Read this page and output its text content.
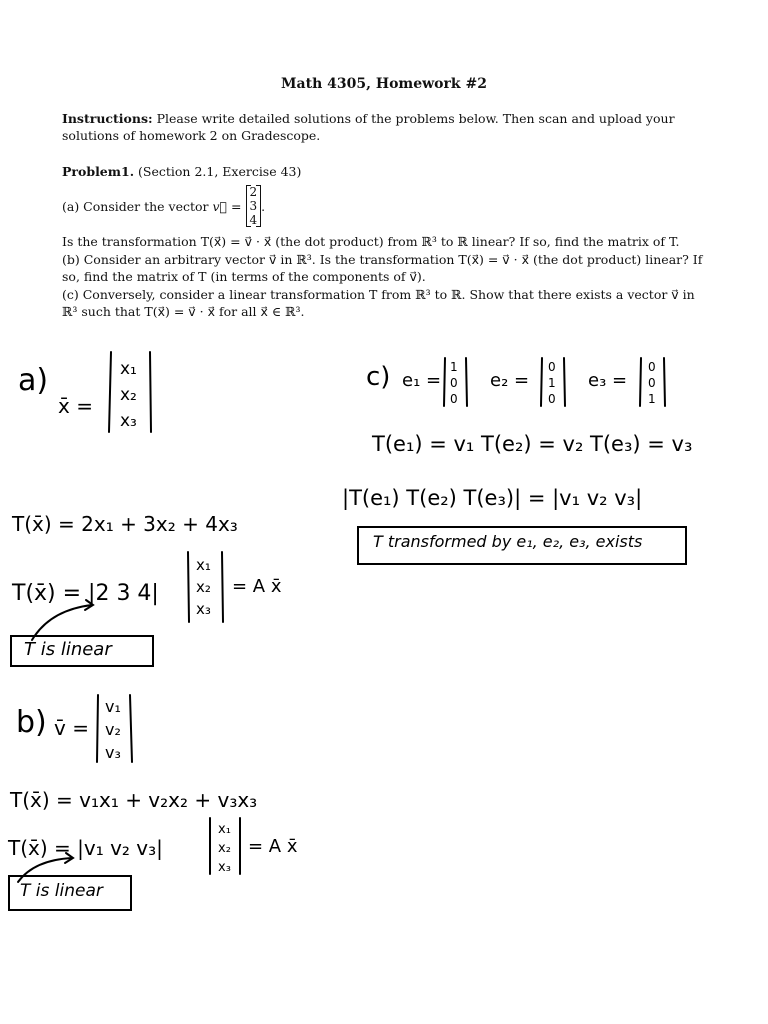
Math 4305, Homework #2
Instructions: Please write detailed solutions of the problems below. Then scan and upload your solutions of homework 2 on Gradescope.
Problem1. (Section 2.1, Exercise 43)
(a) Consider the vector
v⃗ =

2
3
4
.
Is the transformation T(x⃗) = v⃗ · x⃗ (the dot product) from ℝ³ to ℝ linear? If so, find the matrix of T.
(b) Consider an arbitrary vector v⃗ in ℝ³. Is the transformation T(x⃗) = v⃗ · x⃗ (the dot product) linear? If so, find the matrix of T (in terms of the components of v⃗).
(c) Conversely, consider a linear transformation T from ℝ³ to ℝ. Show that there exists a vector v⃗ in ℝ³ such that T(x⃗) = v⃗ · x⃗ for all x⃗ ∈ ℝ³.
a)
x̄ =
x₁
x₂
x₃
T(x̄) = 2x₁ + 3x₂ + 4x₃
T(x̄) = |2 3 4|
x₁
x₂
x₃
= A x̄
T is linear
b) v̄ =
v₁
v₂
v₃
T(x̄) = v₁x₁ + v₂x₂ + v₃x₃
T(x̄) = |v₁ v₂ v₃|
x₁
x₂
x₃
= A x̄
T is linear
c) e₁ =
1
0
0
e₂ =
0
1
0
e₃ =
0
0
1
T(e₁) = v₁ T(e₂) = v₂ T(e₃) = v₃
|T(e₁) T(e₂) T(e₃)| = |v₁ v₂ v₃|
T transformed by e₁, e₂, e₃, exists
